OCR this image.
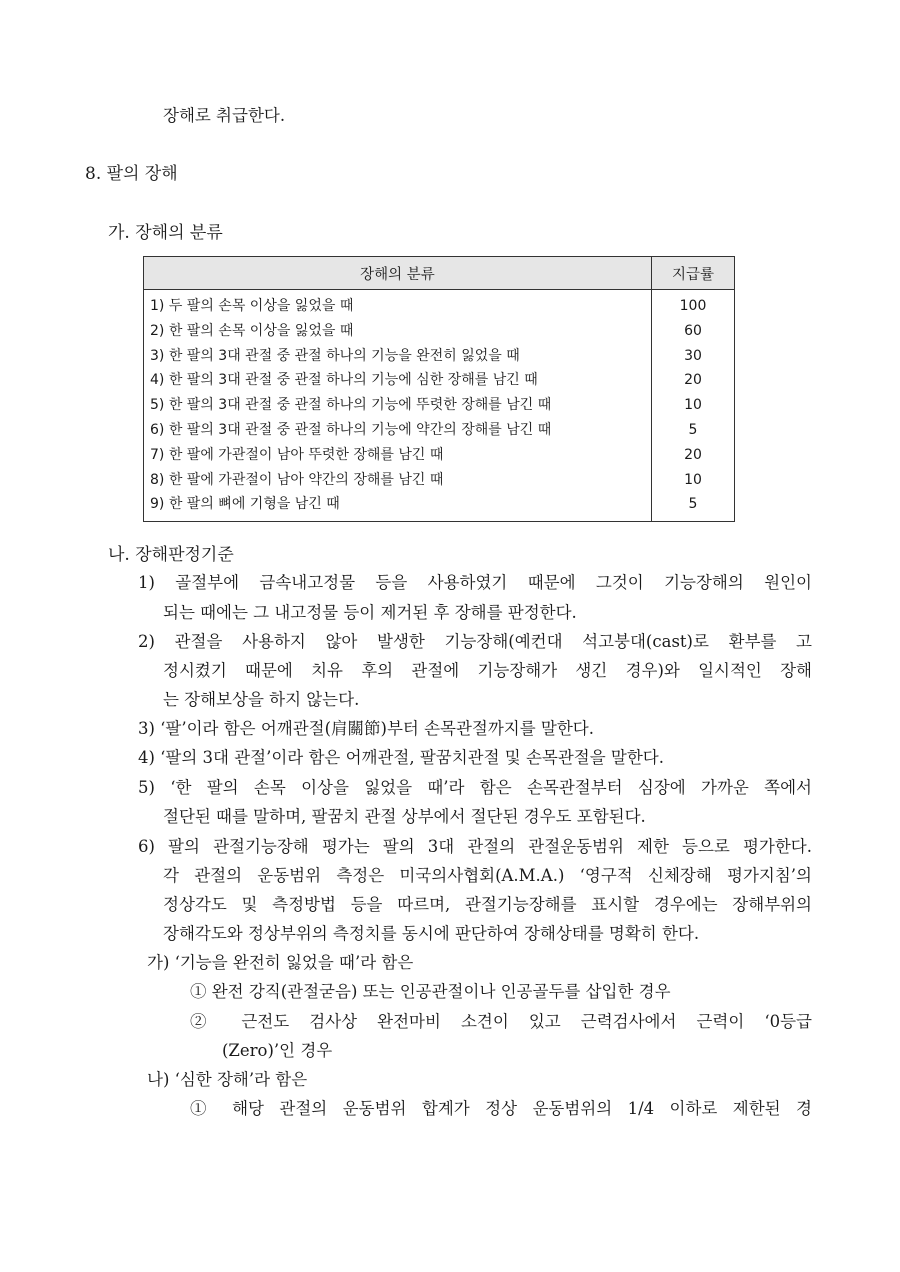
장해로 취급한다.
8. 팔의 장해
가. 장해의 분류
장해의 분류	지급률
1) 두 팔의 손목 이상을 잃었을 때	100
2) 한 팔의 손목 이상을 잃었을 때	60
3) 한 팔의 3대 관절 중 관절 하나의 기능을 완전히 잃었을 때	30
4) 한 팔의 3대 관절 중 관절 하나의 기능에 심한 장해를 남긴 때	20
5) 한 팔의 3대 관절 중 관절 하나의 기능에 뚜렷한 장해를 남긴 때	10
6) 한 팔의 3대 관절 중 관절 하나의 기능에 약간의 장해를 남긴 때	5
7) 한 팔에 가관절이 남아 뚜렷한 장해를 남긴 때	20
8) 한 팔에 가관절이 남아 약간의 장해를 남긴 때	10
9) 한 팔의 뼈에 기형을 남긴 때	5
나. 장해판정기준
1) 골절부에 금속내고정물 등을 사용하였기 때문에 그것이 기능장해의 원인이
되는 때에는 그 내고정물 등이 제거된 후 장해를 판정한다.
2) 관절을 사용하지 않아 발생한 기능장해(예컨대 석고붕대(cast)로 환부를 고
정시켰기 때문에 치유 후의 관절에 기능장해가 생긴 경우)와 일시적인 장해
는 장해보상을 하지 않는다.
3) ‘팔’이라 함은 어깨관절(肩關節)부터 손목관절까지를 말한다.
4) ‘팔의 3대 관절’이라 함은 어깨관절, 팔꿈치관절 및 손목관절을 말한다.
5) ‘한 팔의 손목 이상을 잃었을 때’라 함은 손목관절부터 심장에 가까운 쪽에서
절단된 때를 말하며, 팔꿈치 관절 상부에서 절단된 경우도 포함된다.
6) 팔의 관절기능장해 평가는 팔의 3대 관절의 관절운동범위 제한 등으로 평가한다.
각 관절의 운동범위 측정은 미국의사협회(A.M.A.) ‘영구적 신체장해 평가지침’의
정상각도 및 측정방법 등을 따르며, 관절기능장해를 표시할 경우에는 장해부위의
장해각도와 정상부위의 측정치를 동시에 판단하여 장해상태를 명확히 한다.
가) ‘기능을 완전히 잃었을 때’라 함은
① 완전 강직(관절굳음) 또는 인공관절이나 인공골두를 삽입한 경우
② 근전도 검사상 완전마비 소견이 있고 근력검사에서 근력이 ‘0등급
(Zero)’인 경우
나) ‘심한 장해’라 함은
① 해당 관절의 운동범위 합계가 정상 운동범위의 1/4 이하로 제한된 경
